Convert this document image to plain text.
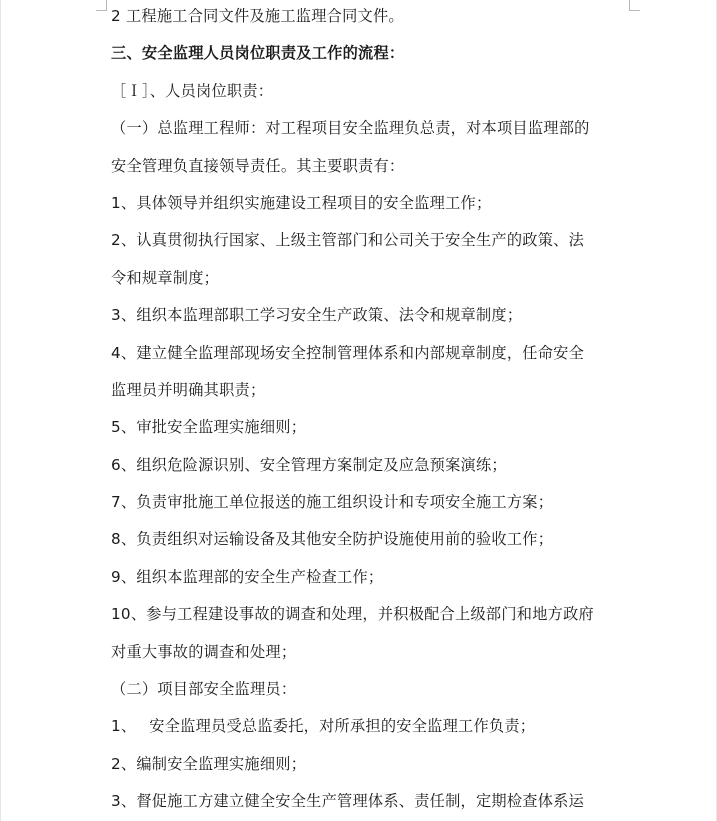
2 工程施工合同文件及施工监理合同文件。
三、安全监理人员岗位职责及工作的流程：
［Ｉ］、人员岗位职责：
（一）总监理工程师：对工程项目安全监理负总责，对本项目监理部的
安全管理负直接领导责任。其主要职责有：
1、具体领导并组织实施建设工程项目的安全监理工作；
2、认真贯彻执行国家、上级主管部门和公司关于安全生产的政策、法
令和规章制度；
3、组织本监理部职工学习安全生产政策、法令和规章制度；
4、建立健全监理部现场安全控制管理体系和内部规章制度，任命安全
监理员并明确其职责；
5、审批安全监理实施细则；
6、组织危险源识别、安全管理方案制定及应急预案演练；
7、负责审批施工单位报送的施工组织设计和专项安全施工方案；
8、负责组织对运输设备及其他安全防护设施使用前的验收工作；
9、组织本监理部的安全生产检查工作；
10、参与工程建设事故的调查和处理，并积极配合上级部门和地方政府
对重大事故的调查和处理；
（二）项目部安全监理员：
1、　 安全监理员受总监委托，对所承担的安全监理工作负责；
2、编制安全监理实施细则；
3、督促施工方建立健全安全生产管理体系、责任制，定期检查体系运
